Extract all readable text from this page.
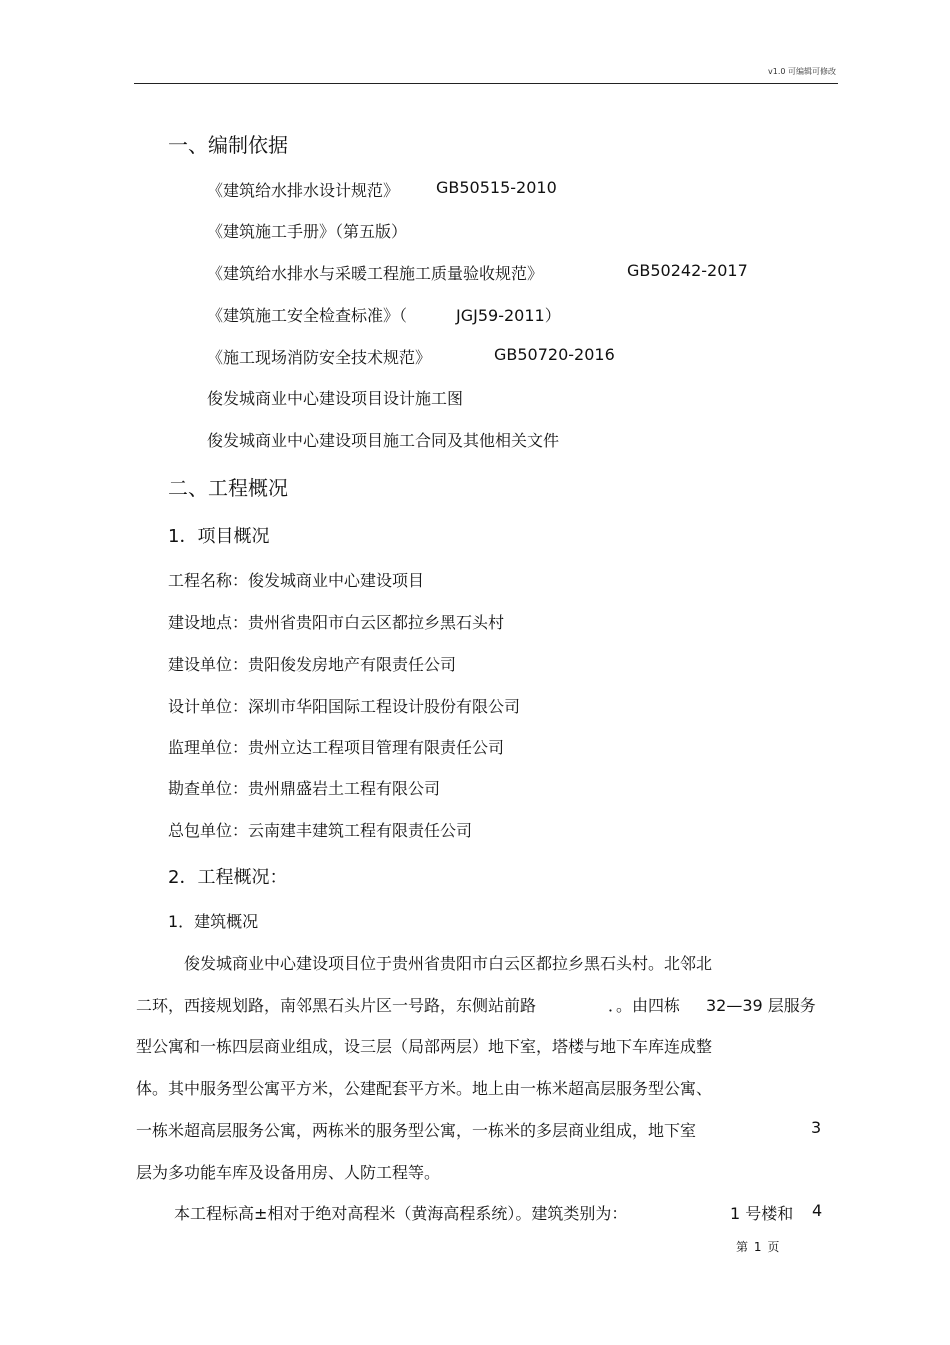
v1.0 可编辑可修改
一、编制依据
《建筑给水排水设计规范》 GB50515-2010
《建筑施工手册》（第五版）
《建筑给水排水与采暖工程施工质量验收规范》	GB50242-2017
《建筑施工安全检查标准》（	JGJ59-2011）
《施工现场消防安全技术规范》	GB50720-2016
俊发城商业中心建设项目设计施工图
俊发城商业中心建设项目施工合同及其他相关文件
二、工程概况
1．项目概况
工程名称：俊发城商业中心建设项目
建设地点：贵州省贵阳市白云区都拉乡黑石头村
建设单位：贵阳俊发房地产有限责任公司
设计单位：深圳市华阳国际工程设计股份有限公司
监理单位：贵州立达工程项目管理有限责任公司
勘查单位：贵州鼎盛岩土工程有限公司
总包单位：云南建丰建筑工程有限责任公司
2．工程概况：
1．建筑概况
俊发城商业中心建设项目位于贵州省贵阳市白云区都拉乡黑石头村。北邻北
二环，西接规划路，南邻黑石头片区一号路，东侧站前路	．。由四栋 32—39 层服务
型公寓和一栋四层商业组成，设三层（局部两层）地下室，塔楼与地下车库连成整
体。其中服务型公寓平方米，公建配套平方米。地上由一栋米超高层服务型公寓、
一栋米超高层服务公寓，两栋米的服务型公寓，一栋米的多层商业组成，地下室	3
层为多功能车库及设备用房、人防工程等。
本工程标高±相对于绝对高程米（黄海高程系统）。建筑类别为：	1 号楼和 4
第 1 页
